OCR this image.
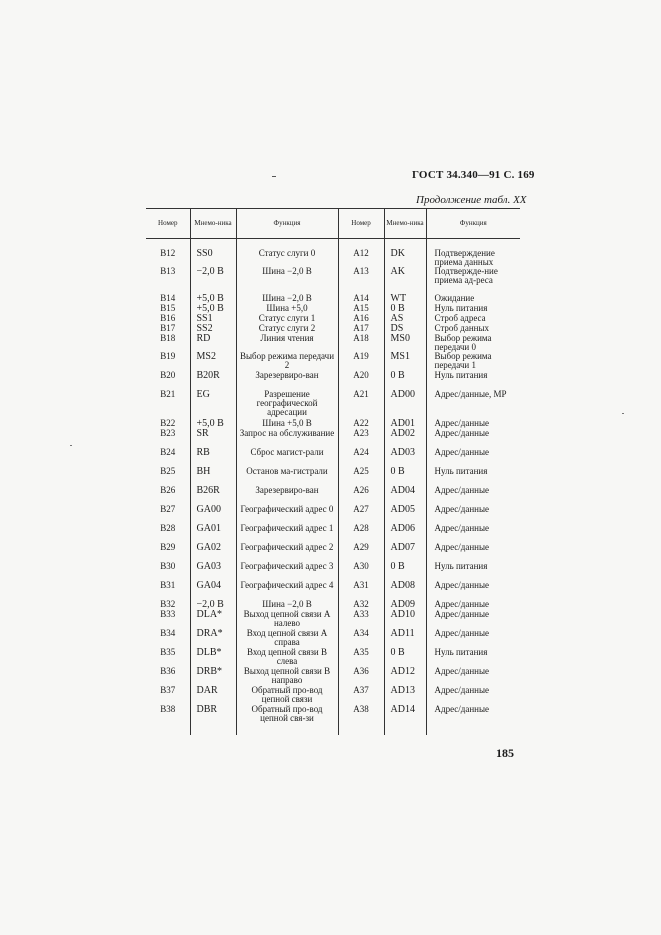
ГОСТ 34.340—91 С. 169
Продолжение табл. XX
Номер	Мнемо-ника	Функция	Номер	Мнемо-ника	Функция
В12	SS0	Статус слуги 0	А12	DK	Подтверждение приема данных
В13	−2,0 В	Шина −2,0 В	А13	AK	Подтвержде-ние приема ад-реса
В14	+5,0 В	Шина −2,0 В	А14	WT	Ожидание
В15	+5,0 В	Шина +5,0	А15	0 В	Нуль питания
В16	SS1	Статус слуги 1	А16	AS	Строб адреса
В17	SS2	Статус слуги 2	А17	DS	Строб данных
В18	RD	Линия чтения	А18	MS0	Выбор режима передачи 0
В19	MS2	Выбор режима передачи 2	А19	MS1	Выбор режима передачи 1
В20	B20R	Зарезервиро-ван	А20	0 В	Нуль питания
В21	EG	Разрешение географической адресации	А21	AD00	Адрес/данные, MP
В22	+5,0 В	Шина +5,0 В	А22	AD01	Адрес/данные
В23	SR	Запрос на обслуживание	А23	AD02	Адрес/данные
В24	RB	Сброс магист-рали	А24	AD03	Адрес/данные
В25	BH	Останов ма-гистрали	А25	0 В	Нуль питания
В26	B26R	Зарезервиро-ван	А26	AD04	Адрес/данные
В27	GA00	Географический адрес 0	А27	AD05	Адрес/данные
В28	GA01	Географический адрес 1	А28	AD06	Адрес/данные
В29	GA02	Географический адрес 2	А29	AD07	Адрес/данные
В30	GA03	Географический адрес 3	А30	0 В	Нуль питания
В31	GA04	Географический адрес 4	А31	AD08	Адрес/данные
В32	−2,0 В	Шина −2,0 В	А32	AD09	Адрес/данные
В33	DLA*	Выход цепной связи А налево	А33	AD10	Адрес/данные
В34	DRA*	Вход цепной связи А справа	А34	AD11	Адрес/данные
В35	DLB*	Вход цепной связи В слева	А35	0 В	Нуль питания
В36	DRB*	Выход цепной связи В направо	А36	AD12	Адрес/данные
В37	DAR	Обратный про-вод цепной связи	А37	AD13	Адрес/данные
В38	DBR	Обратный про-вод цепной свя-зи	А38	AD14	Адрес/данные
185
